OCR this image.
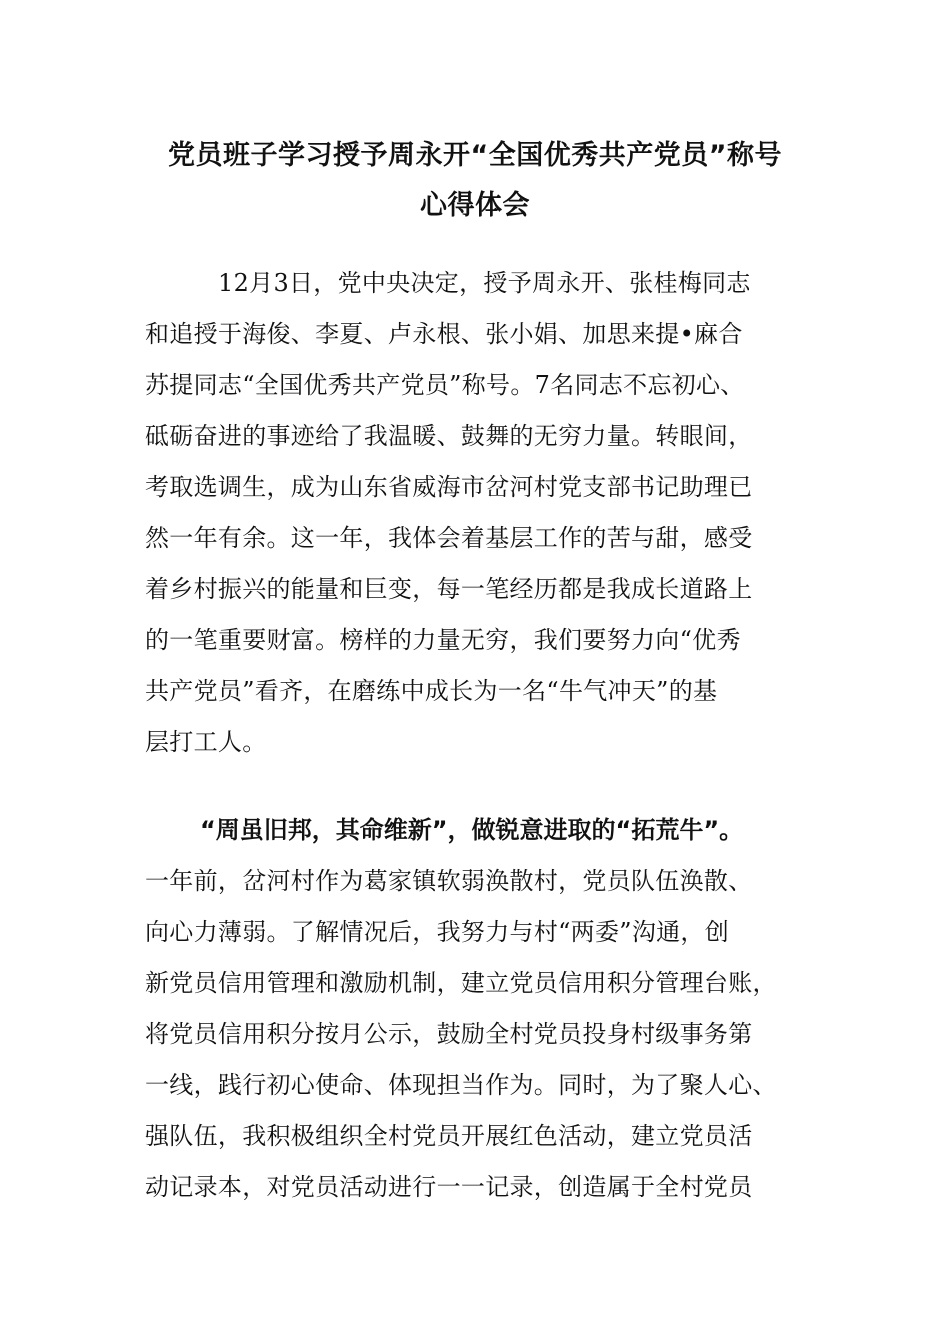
党员班子学习授予周永开“全国优秀共产党员”称号
心得体会
12月3日，党中央决定，授予周永开、张桂梅同志
和追授于海俊、李夏、卢永根、张小娟、加思来提•麻合
苏提同志“全国优秀共产党员”称号。7名同志不忘初心、
砥砺奋进的事迹给了我温暖、鼓舞的无穷力量。转眼间，
考取选调生，成为山东省威海市岔河村党支部书记助理已
然一年有余。这一年，我体会着基层工作的苦与甜，感受
着乡村振兴的能量和巨变，每一笔经历都是我成长道路上
的一笔重要财富。榜样的力量无穷，我们要努力向“优秀
共产党员”看齐，在磨练中成长为一名“牛气冲天”的基
层打工人。
“周虽旧邦，其命维新”，做锐意进取的“拓荒牛”。
一年前，岔河村作为葛家镇软弱涣散村，党员队伍涣散、
向心力薄弱。了解情况后，我努力与村“两委”沟通，创
新党员信用管理和激励机制，建立党员信用积分管理台账，
将党员信用积分按月公示，鼓励全村党员投身村级事务第
一线，践行初心使命、体现担当作为。同时，为了聚人心、
强队伍，我积极组织全村党员开展红色活动，建立党员活
动记录本，对党员活动进行一一记录，创造属于全村党员
